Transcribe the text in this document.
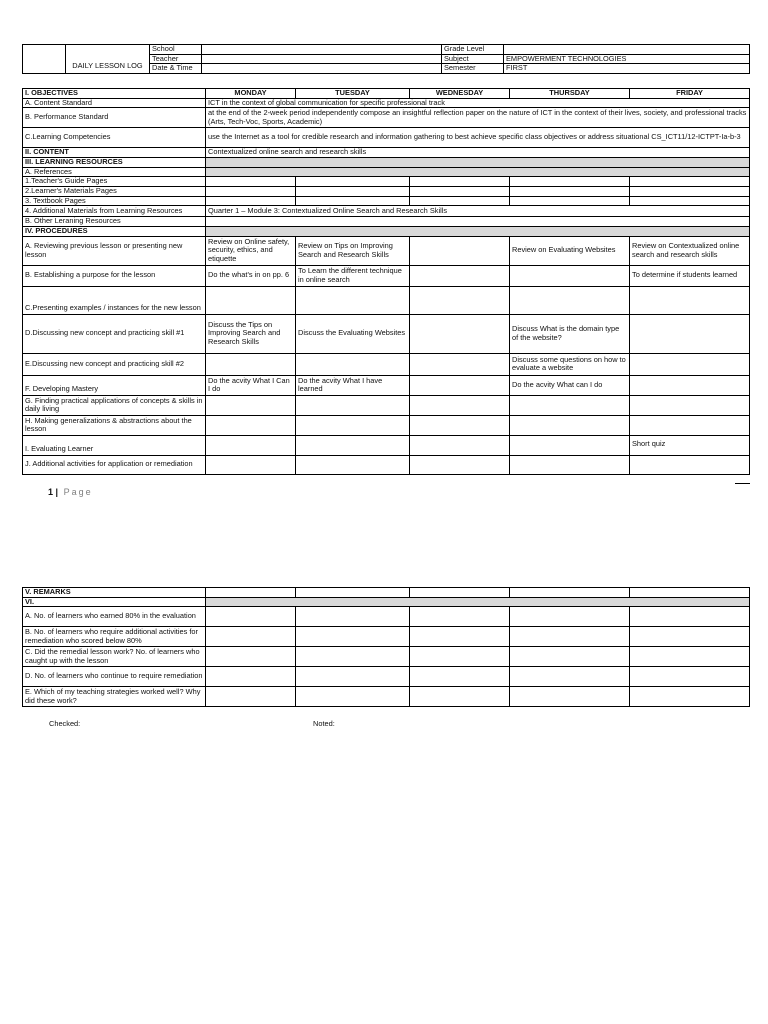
	DAILY LESSON LOG	School		Grade Level	
		Teacher		Subject	EMPOWERMENT TECHNOLOGIES
		Date & Time		Semester	FIRST
I. OBJECTIVES	MONDAY	TUESDAY	WEDNESDAY	THURSDAY	FRIDAY
A. Content Standard	ICT in the context of global communication for specific professional track				
B. Performance Standard	at the end of the 2-week period independently compose an insightful reflection paper on the nature of ICT in the context of their lives, society, and professional tracks (Arts, Tech-Voc, Sports, Academic)				
C.Learning Competencies	use the Internet as a tool for credible research and information gathering to best achieve specific class objectives or address situational CS_ICT11/12-ICTPT-Ia-b-3				
II. CONTENT	Contextualized online search and research skills				
III. LEARNING RESOURCES					
A. References					
1.Teacher's Guide Pages					
2.Learner's Materials Pages					
3. Textbook Pages					
4. Additional Materials from Learning Resources	Quarter 1 – Module 3: Contextualized Online Search and Research Skills				
B. Other Leraning Resources					
IV. PROCEDURES					
A. Reviewing previous lesson or presenting new lesson	Review on Online safety, security, ethics, and etiquette	Review on Tips on Improving Search and Research Skills		Review on Evaluating Websites	Review on Contextualized online search and research skills
B. Establishing a purpose for the lesson	Do the what's in on pp. 6	To Learn the different technique in online search			To determine if students learned
C.Presenting examples / instances for the new lesson					
D.Discussing new concept and practicing skill #1	Discuss the Tips on Improving Search and Research Skills	Discuss the Evaluating Websites		Discuss What is the domain type of the website?	
E.Discussing new concept and practicing skill #2				Discuss some questions on how to evaluate a website	
F. Developing Mastery	Do the acvity What I Can I do	Do the acvity What I have learned		Do the acvity What can I do	
G. Finding practical applications of concepts & skills in daily living					
H. Making generalizations & abstractions about the lesson					
I. Evaluating Learner					Short quiz
J. Additional activities for application or remediation					
1 | Page
V. REMARKS					
VI.					
A. No. of learners who earned 80% in the evaluation					
B. No. of learners who require additional activities for remediation who scored below 80%					
C. Did the remedial lesson work? No. of learners who caught up with the lesson					
D. No. of learners who continue to require remediation					
E. Which of my teaching strategies worked well? Why did these work?					
Checked:	Noted:
